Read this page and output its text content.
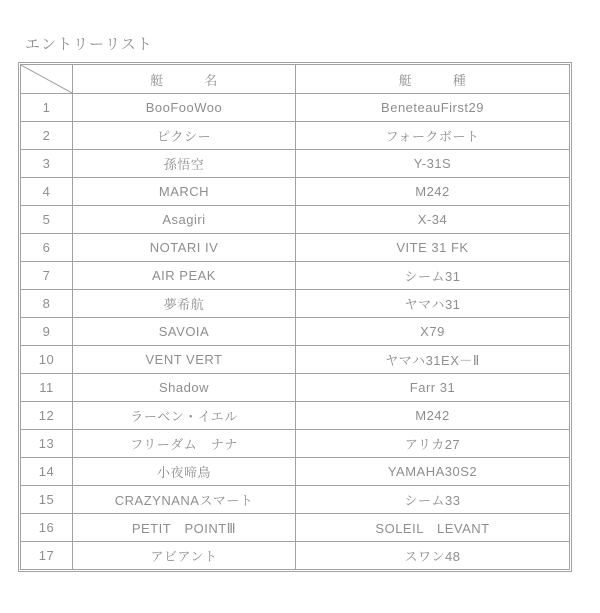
エントリーリスト
	艇　　　名	艇　　　種
1	BooFooWoo	BeneteauFirst29
2	ピクシー	フォークボート
3	孫悟空	Y-31S
4	MARCH	M242
5	Asagiri	X-34
6	NOTARI IV	VITE 31 FK
7	AIR PEAK	シーム31
8	夢希航	ヤマハ31
9	SAVOIA	X79
10	VENT VERT	ヤマハ31EX－Ⅱ
11	Shadow	Farr 31
12	ラーベン・イエル	M242
13	フリーダム　ナナ	アリカ27
14	小夜啼鳥	YAMAHA30S2
15	CRAZYNANAスマート	シーム33
16	PETIT　POINTⅢ	SOLEIL　LEVANT
17	アビアント	スワン48
